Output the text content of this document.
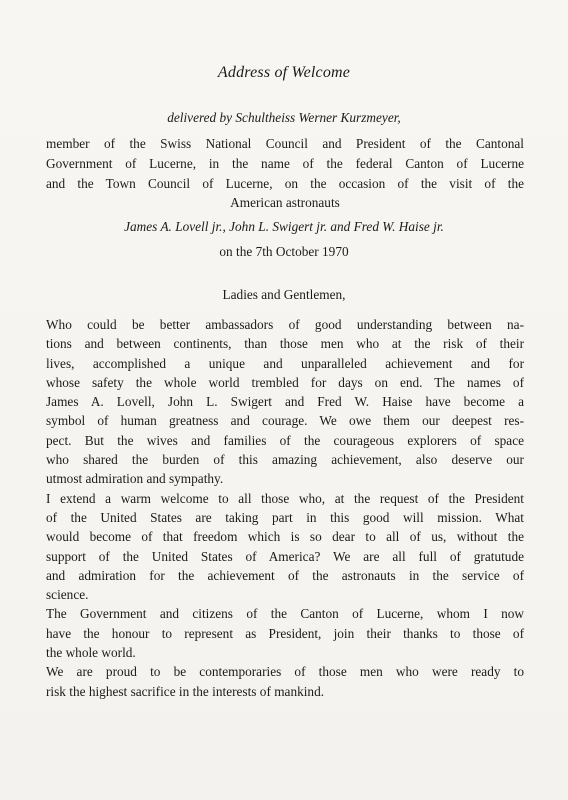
Address of Welcome
delivered by Schultheiss Werner Kurzmeyer,
member of the Swiss National Council and President of the Cantonal
Government of Lucerne, in the name of the federal Canton of Lucerne
and the Town Council of Lucerne, on the occasion of the visit of the
American astronauts
James A. Lovell jr., John L. Swigert jr. and Fred W. Haise jr.
on the 7th October 1970
Ladies and Gentlemen,
Who could be better ambassadors of good understanding between na-
tions and between continents, than those men who at the risk of their
lives, accomplished a unique and unparalleled achievement and for
whose safety the whole world trembled for days on end. The names of
James A. Lovell, John L. Swigert and Fred W. Haise have become a
symbol of human greatness and courage. We owe them our deepest res-
pect. But the wives and families of the courageous explorers of space
who shared the burden of this amazing achievement, also deserve our
utmost admiration and sympathy.
I extend a warm welcome to all those who, at the request of the President
of the United States are taking part in this good will mission. What
would become of that freedom which is so dear to all of us, without the
support of the United States of America? We are all full of gratutude
and admiration for the achievement of the astronauts in the service of
science.
The Government and citizens of the Canton of Lucerne, whom I now
have the honour to represent as President, join their thanks to those of
the whole world.
We are proud to be contemporaries of those men who were ready to
risk the highest sacrifice in the interests of mankind.
